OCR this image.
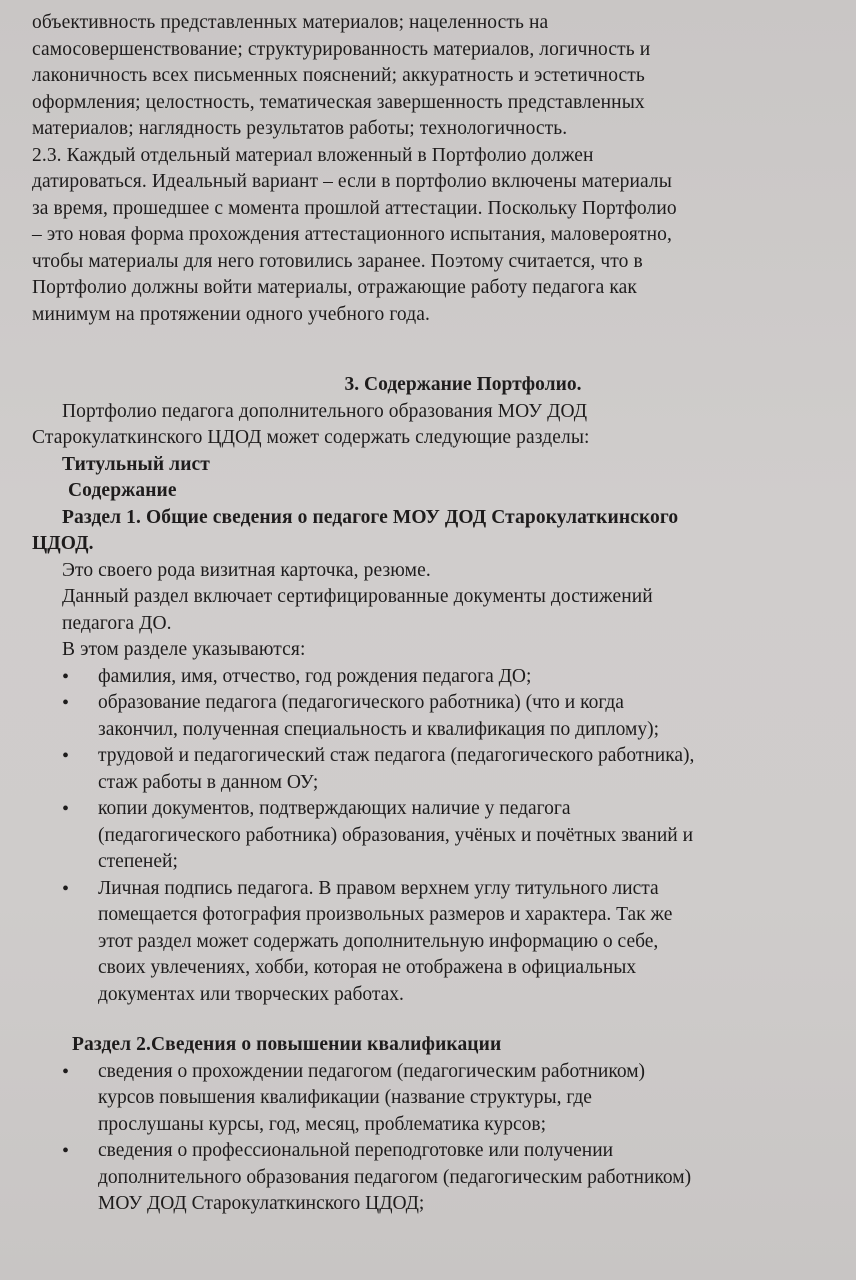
объективность представленных материалов; нацеленность на
самосовершенствование; структурированность материалов, логичность и
лаконичность всех письменных пояснений; аккуратность и эстетичность
оформления; целостность, тематическая завершенность представленных
материалов; наглядность результатов работы; технологичность.
2.3. Каждый отдельный материал вложенный в Портфолио должен
датироваться. Идеальный вариант – если в портфолио включены материалы
за время, прошедшее с момента прошлой аттестации. Поскольку Портфолио
– это новая форма прохождения аттестационного испытания, маловероятно,
чтобы материалы для него готовились заранее. Поэтому считается, что в
Портфолио должны войти материалы, отражающие работу педагога как
минимум на протяжении одного учебного года.
3. Содержание Портфолио.
Портфолио педагога дополнительного образования МОУ ДОД
Старокулаткинского ЦДОД может содержать следующие разделы:
Титульный лист
Содержание
Раздел 1. Общие сведения о педагоге МОУ ДОД Старокулаткинского
ЦДОД.
Это своего рода визитная карточка, резюме.
Данный раздел включает сертифицированные документы достижений
педагога ДО.
В этом разделе указываются:
• фамилия, имя, отчество, год рождения педагога ДО;
• образование педагога (педагогического работника) (что и когда
закончил, полученная специальность и квалификация по диплому);
• трудовой и педагогический стаж педагога (педагогического работника),
стаж работы в данном ОУ;
• копии документов, подтверждающих наличие у педагога
(педагогического работника) образования, учёных и почётных званий и
степеней;
• Личная подпись педагога. В правом верхнем углу титульного листа
помещается фотография произвольных размеров и характера. Так же
этот раздел может содержать дополнительную информацию о себе,
своих увлечениях, хобби, которая не отображена в официальных
документах или творческих работах.
Раздел 2.Сведения о повышении квалификации
• сведения о прохождении педагогом (педагогическим работником)
курсов повышения квалификации (название структуры, где
прослушаны курсы, год, месяц, проблематика курсов;
• сведения о профессиональной переподготовке или получении
дополнительного образования педагогом (педагогическим работником)
МОУ ДОД Старокулаткинского ЦДОД;
